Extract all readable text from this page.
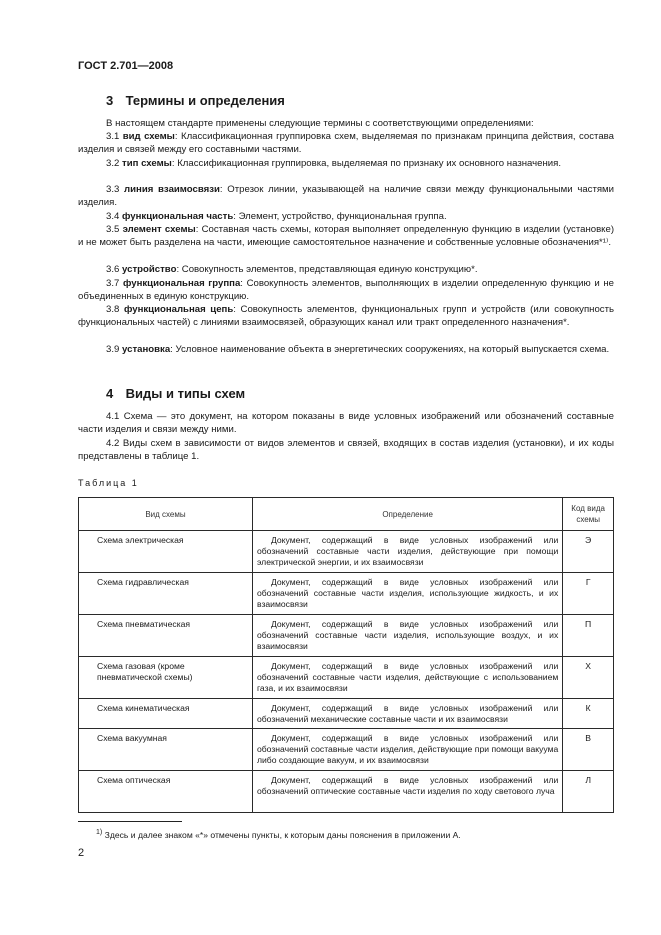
ГОСТ 2.701—2008
3 Термины и определения
В настоящем стандарте применены следующие термины с соответствующими определениями:
3.1 вид схемы: Классификационная группировка схем, выделяемая по признакам принципа действия, состава изделия и связей между его составными частями.
3.2 тип схемы: Классификационная группировка, выделяемая по признаку их основного назначения.
3.3 линия взаимосвязи: Отрезок линии, указывающей на наличие связи между функциональными частями изделия.
3.4 функциональная часть: Элемент, устройство, функциональная группа.
3.5 элемент схемы: Составная часть схемы, которая выполняет определенную функцию в изделии (установке) и не может быть разделена на части, имеющие самостоятельное назначение и собственные условные обозначения*¹⁾.
3.6 устройство: Совокупность элементов, представляющая единую конструкцию*.
3.7 функциональная группа: Совокупность элементов, выполняющих в изделии определенную функцию и не объединенных в единую конструкцию.
3.8 функциональная цепь: Совокупность элементов, функциональных групп и устройств (или совокупность функциональных частей) с линиями взаимосвязей, образующих канал или тракт определенного назначения*.
3.9 установка: Условное наименование объекта в энергетических сооружениях, на который выпускается схема.
4 Виды и типы схем
4.1 Схема — это документ, на котором показаны в виде условных изображений или обозначений составные части изделия и связи между ними.
4.2 Виды схем в зависимости от видов элементов и связей, входящих в состав изделия (установки), и их коды представлены в таблице 1.
Таблица 1
Вид схемы	Определение	Код вида схемы
Схема электрическая	Документ, содержащий в виде условных изображений или обозначений составные части изделия, действующие при помощи электрической энергии, и их взаимосвязи	Э
Схема гидравлическая	Документ, содержащий в виде условных изображений или обозначений составные части изделия, использующие жидкость, и их взаимосвязи	Г
Схема пневматическая	Документ, содержащий в виде условных изображений или обозначений составные части изделия, использующие воздух, и их взаимосвязи	П
Схема газовая (кроме пневматической схемы)	Документ, содержащий в виде условных изображений или обозначений составные части изделия, действующие с использованием газа, и их взаимосвязи	Х
Схема кинематическая	Документ, содержащий в виде условных изображений или обозначений механические составные части и их взаимосвязи	К
Схема вакуумная	Документ, содержащий в виде условных изображений или обозначений составные части изделия, действующие при помощи вакуума либо создающие вакуум, и их взаимосвязи	В
Схема оптическая	Документ, содержащий в виде условных изображений или обозначений оптические составные части изделия по ходу светового луча	Л
$^{1)}$ Здесь и далее знаком «*» отмечены пункты, к которым даны пояснения в приложении А.
2
